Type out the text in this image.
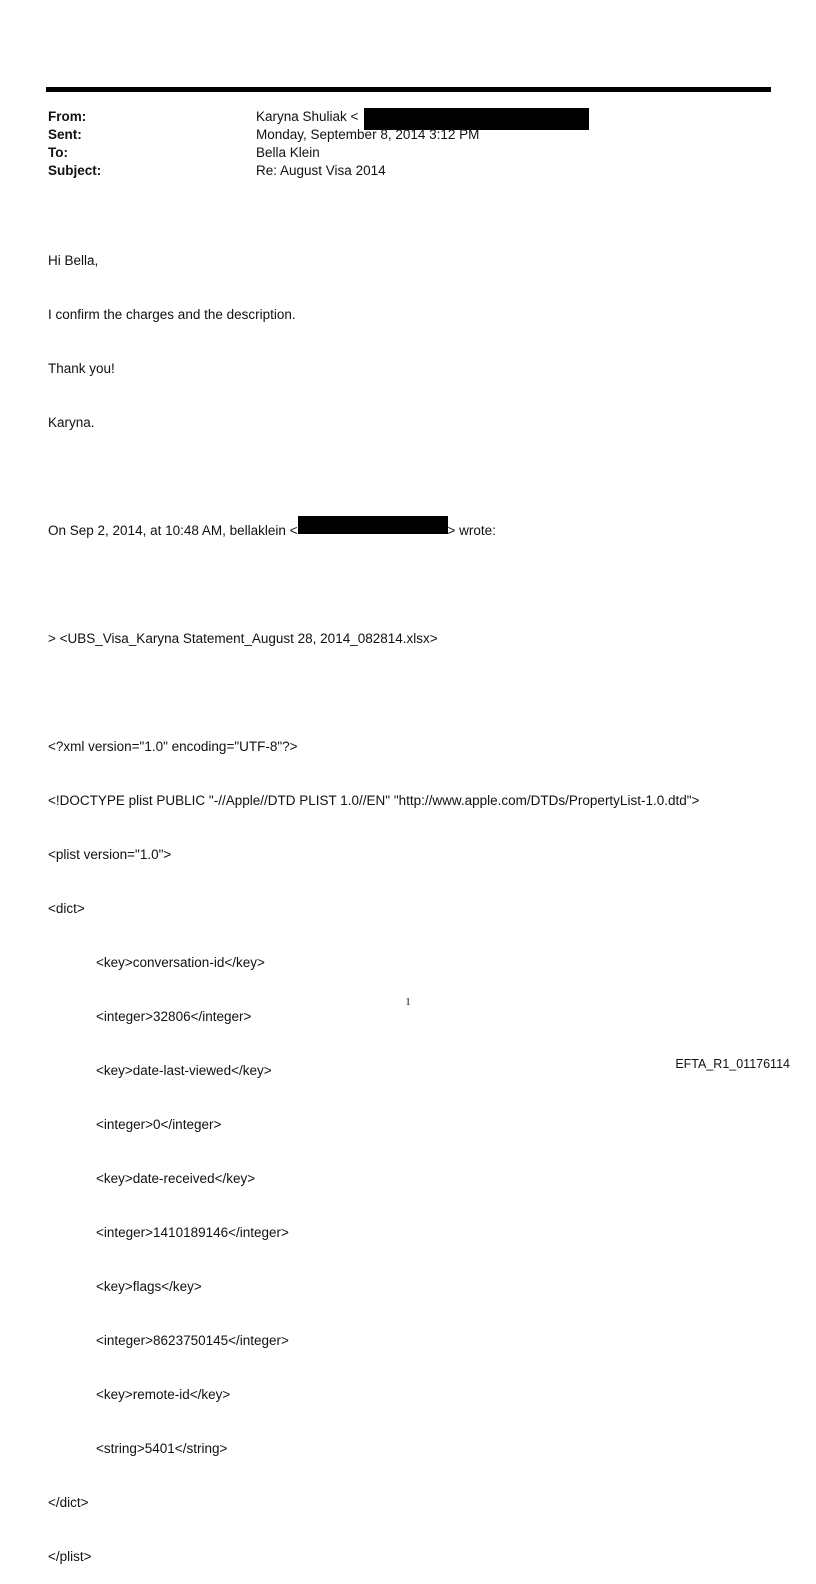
From:	Karyna Shuliak <
Sent:	Monday, September 8, 2014 3:12 PM
To:	Bella Klein
Subject:	Re: August Visa 2014

Hi Bella,

I confirm the charges and the description.

Thank you!

Karyna.

On Sep 2, 2014, at 10:48 AM, bellaklein <	> wrote:

> <UBS_Visa_Karyna Statement_August 28, 2014_082814.xlsx>

<?xml version="1.0" encoding="UTF-8"?>

<!DOCTYPE plist PUBLIC "-//Apple//DTD PLIST 1.0//EN" "http://www.apple.com/DTDs/PropertyList-1.0.dtd">

<plist version="1.0">

<dict>

<key>conversation-id</key>

<integer>32806</integer>

<key>date-last-viewed</key>

<integer>0</integer>

<key>date-received</key>

<integer>1410189146</integer>

<key>flags</key>

<integer>8623750145</integer>

<key>remote-id</key>

<string>5401</string>

</dict>

</plist>

1
EFTA_R1_01176114
